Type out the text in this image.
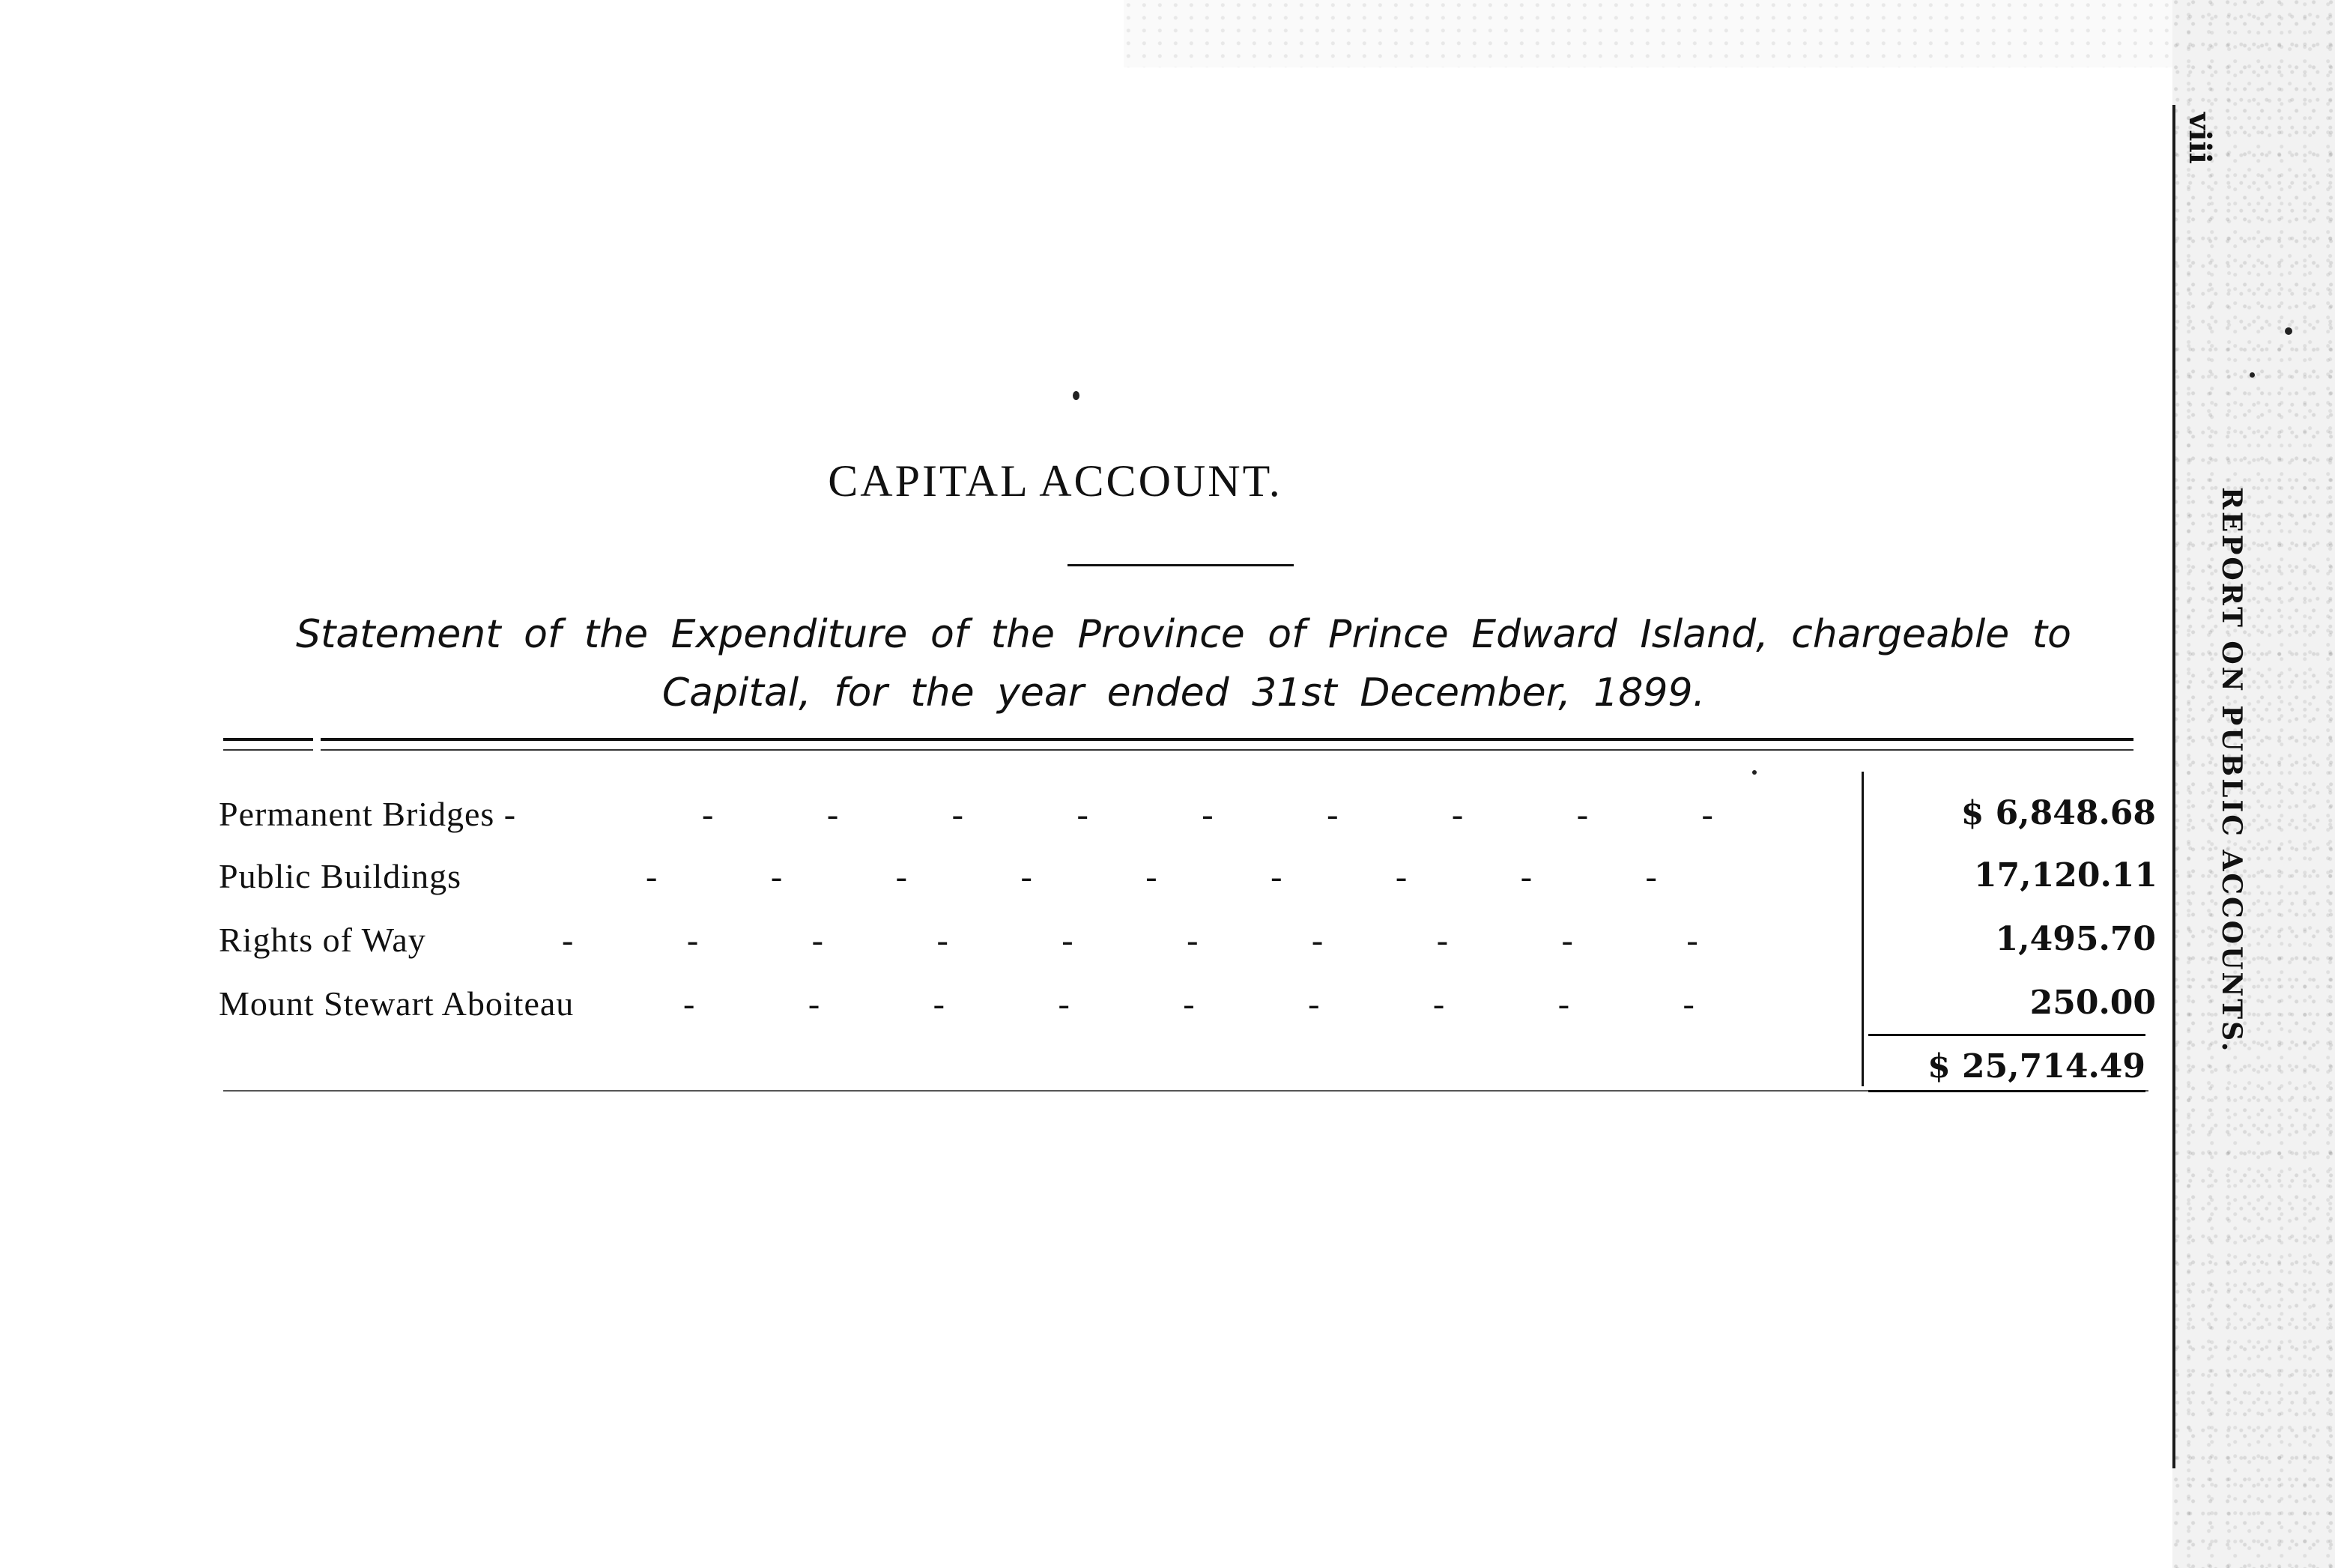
viii
REPORT ON PUBLIC ACCOUNTS.
CAPITAL ACCOUNT.
Statement of the Expenditure of the Province of Prince Edward Island, chargeable to Capital, for the year ended 31st December, 1899.
Permanent Bridges -	- - - - - - - - -	$ 6,848.68
Public Buildings	- - - - - - - - -	17,120.11
Rights of Way	- - - - - - - - - -	1,495.70
Mount Stewart Aboiteau	- - - - - - - - -	250.00
$ 25,714.49
